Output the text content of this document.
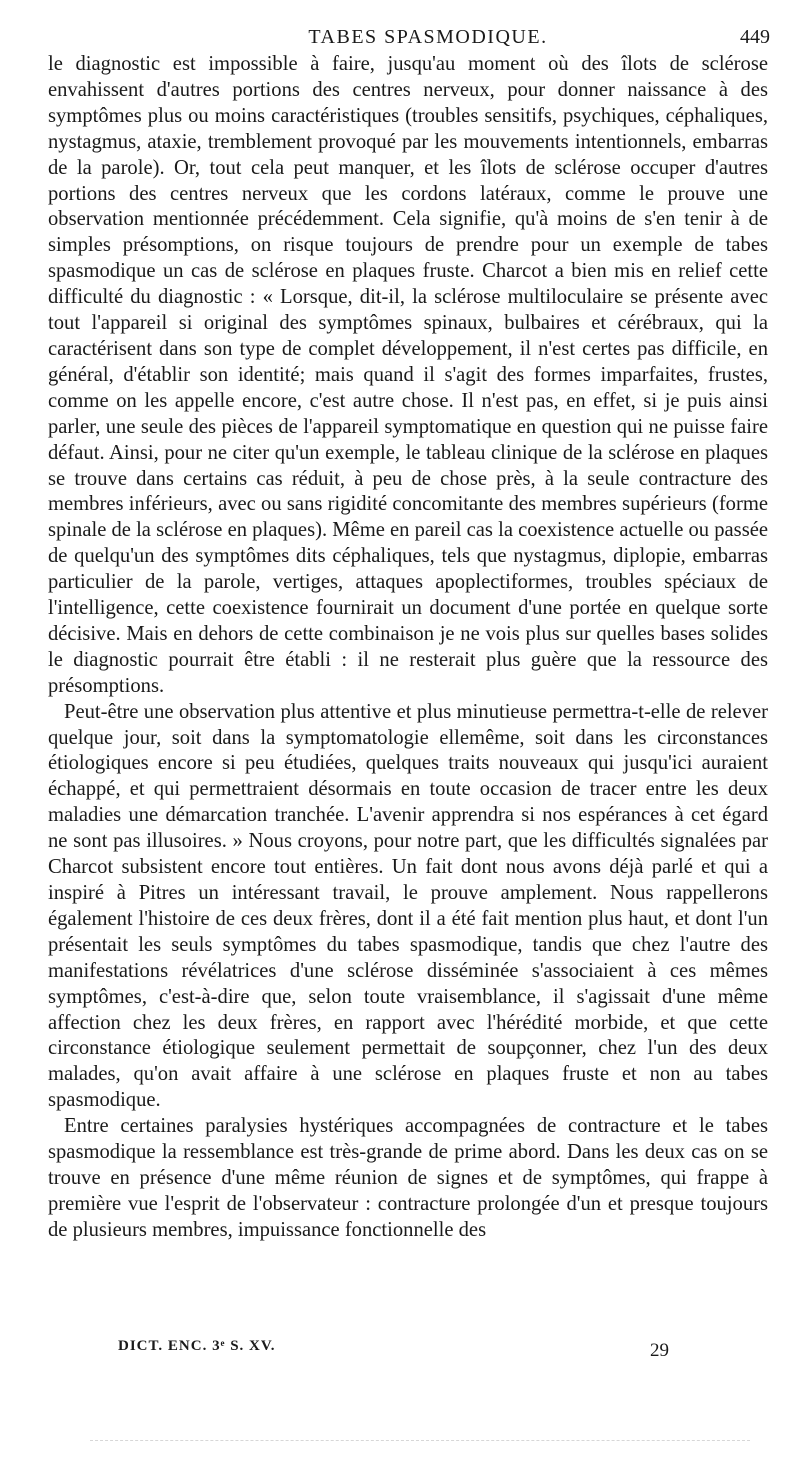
TABES SPASMODIQUE.	449

le diagnostic est impossible à faire, jusqu'au moment où des îlots de sclérose envahissent d'autres portions des centres nerveux, pour donner naissance à des symptômes plus ou moins caractéristiques (troubles sensitifs, psychiques, céphaliques, nystagmus, ataxie, tremblement provoqué par les mouvements intentionnels, embarras de la parole). Or, tout cela peut manquer, et les îlots de sclérose occuper d'autres portions des centres nerveux que les cordons latéraux, comme le prouve une observation mentionnée précédemment. Cela signifie, qu'à moins de s'en tenir à de simples présomptions, on risque toujours de prendre pour un exemple de tabes spasmodique un cas de sclérose en plaques fruste. Charcot a bien mis en relief cette difficulté du diagnostic : « Lorsque, dit-il, la sclérose multiloculaire se présente avec tout l'appareil si original des symptômes spinaux, bulbaires et cérébraux, qui la caractérisent dans son type de complet développement, il n'est certes pas difficile, en général, d'établir son identité; mais quand il s'agit des formes imparfaites, frustes, comme on les appelle encore, c'est autre chose. Il n'est pas, en effet, si je puis ainsi parler, une seule des pièces de l'appareil symptomatique en question qui ne puisse faire défaut. Ainsi, pour ne citer qu'un exemple, le tableau clinique de la sclérose en plaques se trouve dans certains cas réduit, à peu de chose près, à la seule contracture des membres inférieurs, avec ou sans rigidité concomitante des membres supérieurs (forme spinale de la sclérose en plaques). Même en pareil cas la coexistence actuelle ou passée de quelqu'un des symptômes dits céphaliques, tels que nystagmus, diplopie, embarras particulier de la parole, vertiges, attaques apoplectiformes, troubles spéciaux de l'intelligence, cette coexistence fournirait un document d'une portée en quelque sorte décisive. Mais en dehors de cette combinaison je ne vois plus sur quelles bases solides le diagnostic pourrait être établi : il ne resterait plus guère que la ressource des présomptions.

Peut-être une observation plus attentive et plus minutieuse permettra-t-elle de relever quelque jour, soit dans la symptomatologie ellemême, soit dans les circonstances étiologiques encore si peu étudiées, quelques traits nouveaux qui jusqu'ici auraient échappé, et qui permettraient désormais en toute occasion de tracer entre les deux maladies une démarcation tranchée. L'avenir apprendra si nos espérances à cet égard ne sont pas illusoires. » Nous croyons, pour notre part, que les difficultés signalées par Charcot subsistent encore tout entières. Un fait dont nous avons déjà parlé et qui a inspiré à Pitres un intéressant travail, le prouve amplement. Nous rappellerons également l'histoire de ces deux frères, dont il a été fait mention plus haut, et dont l'un présentait les seuls symptômes du tabes spasmodique, tandis que chez l'autre des manifestations révélatrices d'une sclérose disséminée s'associaient à ces mêmes symptômes, c'est-à-dire que, selon toute vraisemblance, il s'agissait d'une même affection chez les deux frères, en rapport avec l'hérédité morbide, et que cette circonstance étiologique seulement permettait de soupçonner, chez l'un des deux malades, qu'on avait affaire à une sclérose en plaques fruste et non au tabes spasmodique.

Entre certaines paralysies hystériques accompagnées de contracture et le tabes spasmodique la ressemblance est très-grande de prime abord. Dans les deux cas on se trouve en présence d'une même réunion de signes et de symptômes, qui frappe à première vue l'esprit de l'observateur : contracture prolongée d'un et presque toujours de plusieurs membres, impuissance fonctionnelle des

DICT. ENC. 3ᵉ S. XV.	29
